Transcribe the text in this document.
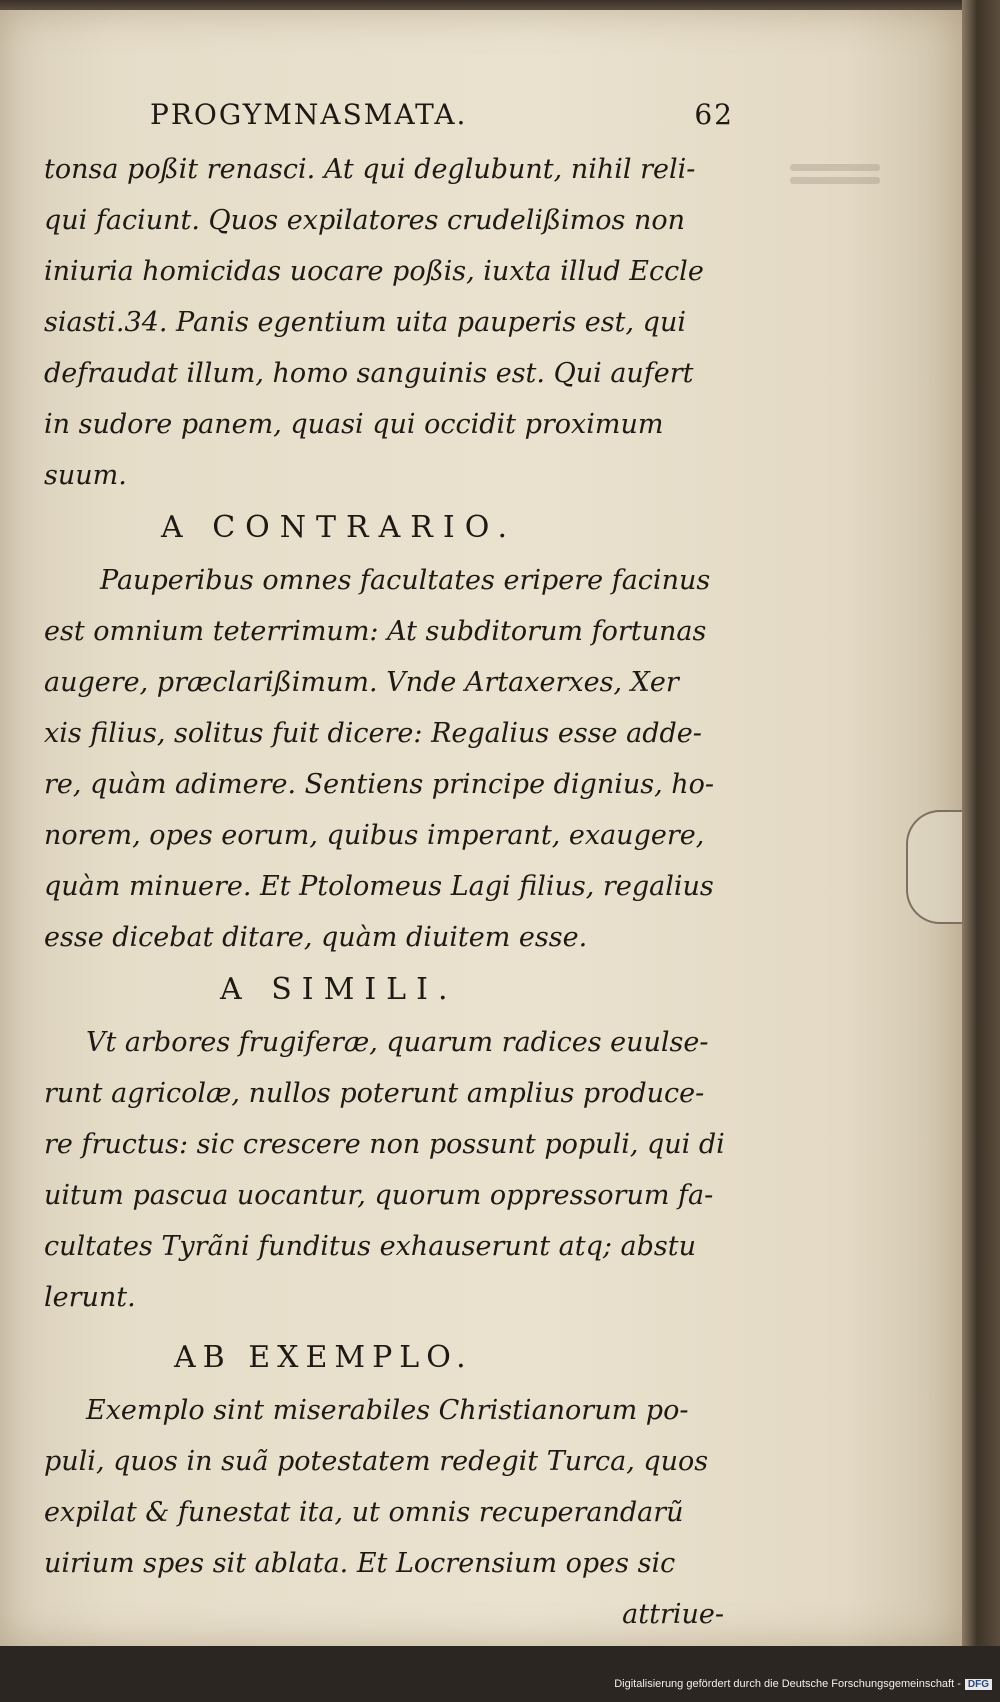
PROGYMNASMATA.	62
tonsa poßit renasci. At qui deglubunt, nihil reli-
qui faciunt. Quos expilatores crudelißimos non
iniuria homicidas uocare poßis, iuxta illud Eccle
siasti.34. Panis egentium uita pauperis est, qui
defraudat illum, homo sanguinis est. Qui aufert
in sudore panem, quasi qui occidit proximum
suum.
A CONTRARIO.
Pauperibus omnes facultates eripere facinus
est omnium teterrimum: At subditorum fortunas
augere, præclarißimum. Vnde Artaxerxes, Xer
xis filius, solitus fuit dicere: Regalius esse adde-
re, quàm adimere. Sentiens principe dignius, ho-
norem, opes eorum, quibus imperant, exaugere,
quàm minuere. Et Ptolomeus Lagi filius, regalius
esse dicebat ditare, quàm diuitem esse.
A SIMILI.
Vt arbores frugiferæ, quarum radices euulse-
runt agricolæ, nullos poterunt amplius produce-
re fructus: sic crescere non possunt populi, qui di
uitum pascua uocantur, quorum oppressorum fa-
cultates Tyrãni funditus exhauserunt atq; abstu
lerunt.
AB EXEMPLO.
Exemplo sint miserabiles Christianorum po-
puli, quos in suã potestatem redegit Turca, quos
expilat & funestat ita, ut omnis recuperandarũ
uirium spes sit ablata. Et Locrensium opes sic
attriue-
Digitalisierung gefördert durch die Deutsche Forschungsgemeinschaft - DFG
